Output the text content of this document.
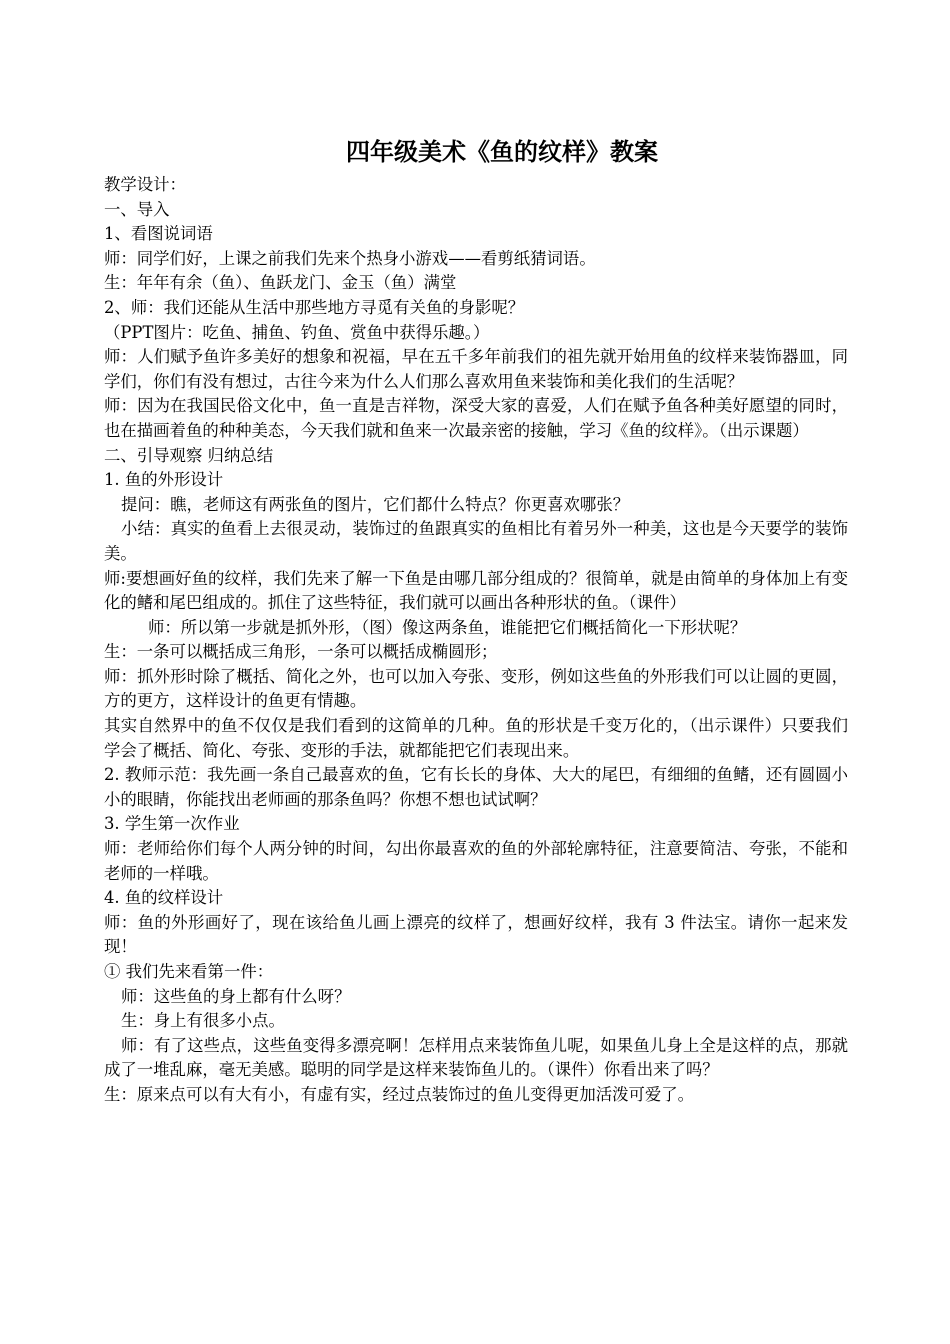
四年级美术《鱼的纹样》教案

教学设计：

一、导入

1、看图说词语

师：同学们好，上课之前我们先来个热身小游戏——看剪纸猜词语。

生：年年有余（鱼）、鱼跃龙门、金玉（鱼）满堂

2、师：我们还能从生活中那些地方寻觅有关鱼的身影呢？

（PPT图片：吃鱼、捕鱼、钓鱼、赏鱼中获得乐趣。）

师：人们赋予鱼许多美好的想象和祝福，早在五千多年前我们的祖先就开始用鱼的纹样来装饰器皿，同学们，你们有没有想过，古往今来为什么人们那么喜欢用鱼来装饰和美化我们的生活呢？

师：因为在我国民俗文化中，鱼一直是吉祥物，深受大家的喜爱，人们在赋予鱼各种美好愿望的同时，也在描画着鱼的种种美态，今天我们就和鱼来一次最亲密的接触，学习《鱼的纹样》。（出示课题）

二、引导观察 归纳总结

1. 鱼的外形设计

提问：瞧，老师这有两张鱼的图片，它们都什么特点？你更喜欢哪张？

小结：真实的鱼看上去很灵动，装饰过的鱼跟真实的鱼相比有着另外一种美，这也是今天要学的装饰美。

师:要想画好鱼的纹样，我们先来了解一下鱼是由哪几部分组成的？很简单，就是由简单的身体加上有变化的鳍和尾巴组成的。抓住了这些特征，我们就可以画出各种形状的鱼。（课件）

师：所以第一步就是抓外形，（图）像这两条鱼，谁能把它们概括简化一下形状呢？

生：一条可以概括成三角形，一条可以概括成椭圆形；

师：抓外形时除了概括、简化之外，也可以加入夸张、变形，例如这些鱼的外形我们可以让圆的更圆，方的更方，这样设计的鱼更有情趣。

其实自然界中的鱼不仅仅是我们看到的这简单的几种。鱼的形状是千变万化的，（出示课件）只要我们学会了概括、简化、夸张、变形的手法，就都能把它们表现出来。

2. 教师示范：我先画一条自己最喜欢的鱼，它有长长的身体、大大的尾巴，有细细的鱼鳍，还有圆圆小小的眼睛，你能找出老师画的那条鱼吗？你想不想也试试啊？

3. 学生第一次作业

师：老师给你们每个人两分钟的时间，勾出你最喜欢的鱼的外部轮廓特征，注意要简洁、夸张，不能和老师的一样哦。

4. 鱼的纹样设计

师：鱼的外形画好了，现在该给鱼儿画上漂亮的纹样了，想画好纹样，我有 3 件法宝。请你一起来发现！

① 我们先来看第一件：

师：这些鱼的身上都有什么呀？

生：身上有很多小点。

师：有了这些点，这些鱼变得多漂亮啊！怎样用点来装饰鱼儿呢，如果鱼儿身上全是这样的点，那就成了一堆乱麻，毫无美感。聪明的同学是这样来装饰鱼儿的。（课件）你看出来了吗？

生：原来点可以有大有小，有虚有实，经过点装饰过的鱼儿变得更加活泼可爱了。
